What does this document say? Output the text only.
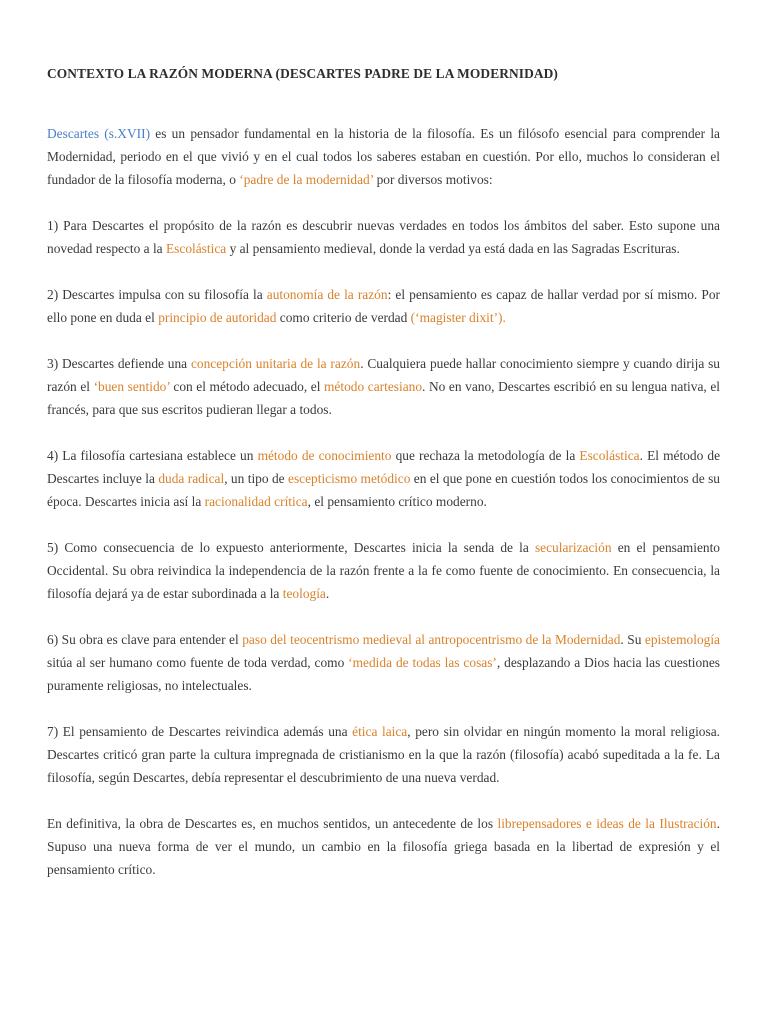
CONTEXTO LA RAZÓN MODERNA (DESCARTES PADRE DE LA MODERNIDAD)

Descartes (s.XVII) es un pensador fundamental en la historia de la filosofía. Es un filósofo esencial para comprender la Modernidad, periodo en el que vivió y en el cual todos los saberes estaban en cuestión. Por ello, muchos lo consideran el fundador de la filosofía moderna, o ‘padre de la modernidad’ por diversos motivos:

1) Para Descartes el propósito de la razón es descubrir nuevas verdades en todos los ámbitos del saber. Esto supone una novedad respecto a la Escolástica y al pensamiento medieval, donde la verdad ya está dada en las Sagradas Escrituras.

2) Descartes impulsa con su filosofía la autonomía de la razón: el pensamiento es capaz de hallar verdad por sí mismo. Por ello pone en duda el principio de autoridad como criterio de verdad (‘magister dixit’).

3) Descartes defiende una concepción unitaria de la razón. Cualquiera puede hallar conocimiento siempre y cuando dirija su razón el ‘buen sentido’ con el método adecuado, el método cartesiano. No en vano, Descartes escribió en su lengua nativa, el francés, para que sus escritos pudieran llegar a todos.

4) La filosofía cartesiana establece un método de conocimiento que rechaza la metodología de la Escolástica. El método de Descartes incluye la duda radical, un tipo de escepticismo metódico en el que pone en cuestión todos los conocimientos de su época. Descartes inicia así la racionalidad crítica, el pensamiento crítico moderno.

5) Como consecuencia de lo expuesto anteriormente, Descartes inicia la senda de la secularización en el pensamiento Occidental. Su obra reivindica la independencia de la razón frente a la fe como fuente de conocimiento. En consecuencia, la filosofía dejará ya de estar subordinada a la teología.

6) Su obra es clave para entender el paso del teocentrismo medieval al antropocentrismo de la Modernidad. Su epistemología sitúa al ser humano como fuente de toda verdad, como ‘medida de todas las cosas’, desplazando a Dios hacia las cuestiones puramente religiosas, no intelectuales.

7) El pensamiento de Descartes reivindica además una ética laica, pero sin olvidar en ningún momento la moral religiosa. Descartes criticó gran parte la cultura impregnada de cristianismo en la que la razón (filosofía) acabó supeditada a la fe. La filosofía, según Descartes, debía representar el descubrimiento de una nueva verdad.

En definitiva, la obra de Descartes es, en muchos sentidos, un antecedente de los librepensadores e ideas de la Ilustración. Supuso una nueva forma de ver el mundo, un cambio en la filosofía griega basada en la libertad de expresión y el pensamiento crítico.
